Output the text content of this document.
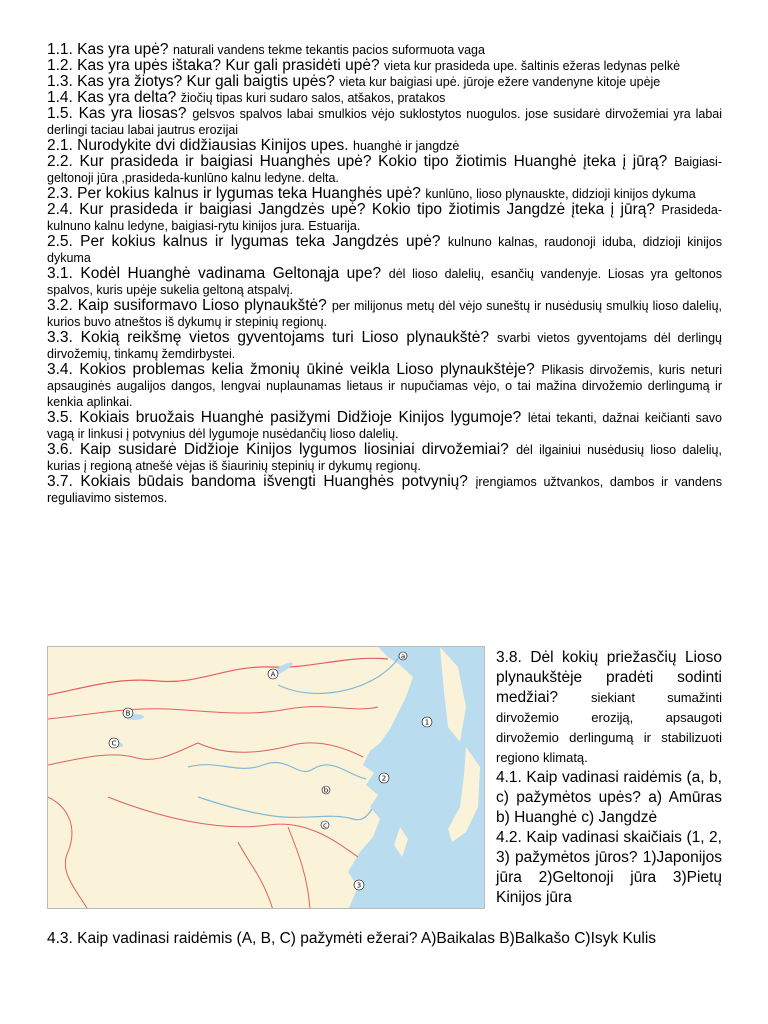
1.1. Kas yra upė? naturali vandens tekme tekantis pacios suformuota vaga

1.2. Kas yra upės ištaka? Kur gali prasidėti upė? vieta kur prasideda upe. šaltinis ežeras ledynas pelkė

1.3. Kas yra žiotys? Kur gali baigtis upės? vieta kur baigiasi upė. jūroje ežere vandenyne kitoje upėje

1.4. Kas yra delta? žiočių tipas kuri sudaro salos, atšakos, pratakos

1.5. Kas yra liosas? gelsvos spalvos labai smulkios vėjo suklostytos nuogulos. jose susidarė dirvožemiai yra labai derlingi taciau labai jautrus erozijai

2.1. Nurodykite dvi didžiausias Kinijos upes. huanghė ir jangdzė

2.2. Kur prasideda ir baigiasi Huanghės upė? Kokio tipo žiotimis Huanghė įteka į jūrą? Baigiasi-geltonoji jūra ,prasideda-kunlūno kalnu ledyne. delta.

2.3. Per kokius kalnus ir lygumas teka Huanghės upė? kunlūno, lioso plynauskte, didzioji kinijos dykuma

2.4. Kur prasideda ir baigiasi Jangdzės upė? Kokio tipo žiotimis Jangdzė įteka į jūrą? Prasideda-kulnuno kalnu ledyne, baigiasi-rytu kinijos jura. Estuarija.

2.5. Per kokius kalnus ir lygumas teka Jangdzės upė? kulnuno kalnas, raudonoji iduba, didzioji kinijos dykuma

3.1. Kodėl Huanghė vadinama Geltonąja upe? dėl lioso dalelių, esančių vandenyje. Liosas yra geltonos spalvos, kuris upėje sukelia geltoną atspalvį.

3.2. Kaip susiformavo Lioso plynaukštė? per milijonus metų dėl vėjo suneštų ir nusėdusių smulkių lioso dalelių, kurios buvo atneštos iš dykumų ir stepinių regionų.

3.3. Kokią reikšmę vietos gyventojams turi Lioso plynaukštė? svarbi vietos gyventojams dėl derlingų dirvožemių, tinkamų žemdirbystei.

3.4. Kokios problemas kelia žmonių ūkinė veikla Lioso plynaukštėje? Plikasis dirvožemis, kuris neturi apsauginės augalijos dangos, lengvai nuplaunamas lietaus ir nupučiamas vėjo, o tai mažina dirvožemio derlingumą ir kenkia aplinkai.

3.5. Kokiais bruožais Huanghė pasižymi Didžioje Kinijos lygumoje? lėtai tekanti, dažnai keičianti savo vagą ir linkusi į potvynius dėl lygumoje nusėdančių lioso dalelių.

3.6. Kaip susidarė Didžioje Kinijos lygumos liosiniai dirvožemiai? dėl ilgainiui nusėdusių lioso dalelių, kurias į regioną atnešė vėjas iš šiaurinių stepinių ir dykumų regionų.

3.7. Kokiais būdais bandoma išvengti Huanghės potvynių? įrengiamos užtvankos, dambos ir vandens reguliavimo sistemos.

A
B
C
a
b
c
1
2
3

3.8. Dėl kokių priežasčių Lioso plynaukštėje pradėti sodinti medžiai?	siekiant sumažinti dirvožemio eroziją, apsaugoti dirvožemio derlingumą ir stabilizuoti regiono klimatą.

4.1. Kaip vadinasi raidėmis (a, b, c) pažymėtos upės? a) Amūras b) Huanghė c) Jangdzė

4.2. Kaip vadinasi skaičiais (1, 2, 3) pažymėtos jūros? 1)Japonijos jūra 2)Geltonoji jūra 3)Pietų Kinijos jūra

4.3. Kaip vadinasi raidėmis (A, B, C) pažymėti ežerai? A)Baikalas B)Balkašo C)Isyk Kulis
